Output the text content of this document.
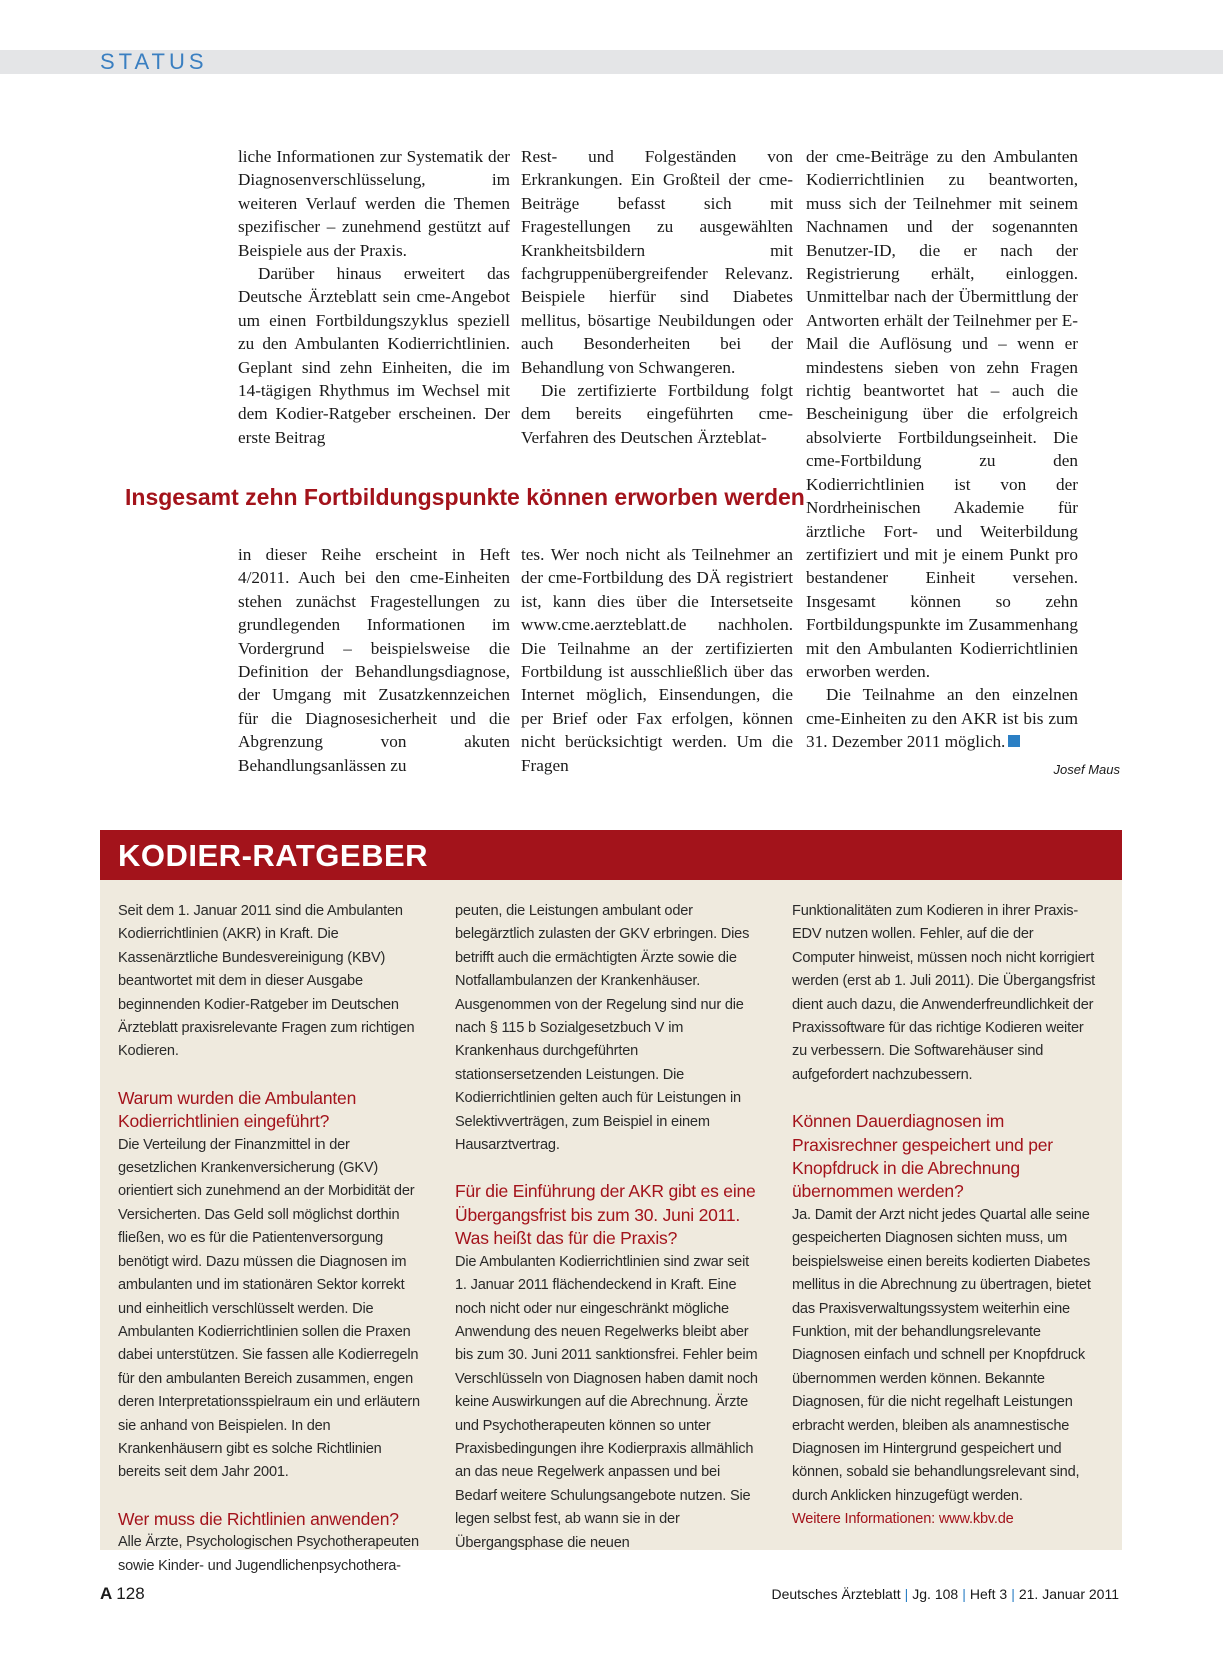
STATUS

liche Informationen zur Systematik der Diagnosenverschlüsselung, im weiteren Verlauf werden die Themen spezifischer – zunehmend gestützt auf Beispiele aus der Praxis.

Darüber hinaus erweitert das Deutsche Ärzteblatt sein cme-Angebot um einen Fortbildungszyklus speziell zu den Ambulanten Kodierrichtlinien. Geplant sind zehn Einheiten, die im 14-tägigen Rhythmus im Wechsel mit dem Kodier-Ratgeber erscheinen. Der erste Beitrag

Rest- und Folgeständen von Erkrankungen. Ein Großteil der cme-Beiträge befasst sich mit Fragestellungen zu ausgewählten Krankheitsbildern mit fachgruppenübergreifender Relevanz. Beispiele hierfür sind Diabetes mellitus, bösartige Neubildungen oder auch Besonderheiten bei der Behandlung von Schwangeren.

Die zertifizierte Fortbildung folgt dem bereits eingeführten cme-Verfahren des Deutschen Ärzteblat-

Insgesamt zehn Fortbildungspunkte können erworben werden

in dieser Reihe erscheint in Heft 4/2011. Auch bei den cme-Einheiten stehen zunächst Fragestellungen zu grundlegenden Informationen im Vordergrund – beispielsweise die Definition der Behandlungsdiagnose, der Umgang mit Zusatzkennzeichen für die Diagnosesicherheit und die Abgrenzung von akuten Behandlungsanlässen zu

tes. Wer noch nicht als Teilnehmer an der cme-Fortbildung des DÄ registriert ist, kann dies über die Intersetseite www.cme.aerzteblatt.de nachholen. Die Teilnahme an der zertifizierten Fortbildung ist ausschließlich über das Internet möglich, Einsendungen, die per Brief oder Fax erfolgen, können nicht berücksichtigt werden. Um die Fragen

der cme-Beiträge zu den Ambulanten Kodierrichtlinien zu beantworten, muss sich der Teilnehmer mit seinem Nachnamen und der sogenannten Benutzer-ID, die er nach der Registrierung erhält, einloggen. Unmittelbar nach der Übermittlung der Antworten erhält der Teilnehmer per E-Mail die Auflösung und – wenn er mindestens sieben von zehn Fragen richtig beantwortet hat – auch die Bescheinigung über die erfolgreich absolvierte Fortbildungseinheit. Die cme-Fortbildung zu den Kodierrichtlinien ist von der Nordrheinischen Akademie für ärztliche Fort- und Weiterbildung zertifiziert und mit je einem Punkt pro bestandener Einheit versehen. Insgesamt können so zehn Fortbildungspunkte im Zusammenhang mit den Ambulanten Kodierrichtlinien erworben werden.

Die Teilnahme an den einzelnen cme-Einheiten zu den AKR ist bis zum 31. Dezember 2011 möglich.

Josef Maus
KODIER-RATGEBER

Seit dem 1. Januar 2011 sind die Ambulanten Kodierrichtlinien (AKR) in Kraft. Die Kassenärztliche Bundesvereinigung (KBV) beantwortet mit dem in dieser Ausgabe beginnenden Kodier-Ratgeber im Deutschen Ärzteblatt praxisrelevante Fragen zum richtigen Kodieren.

Warum wurden die Ambulanten Kodierrichtlinien eingeführt?

Die Verteilung der Finanzmittel in der gesetzlichen Krankenversicherung (GKV) orientiert sich zunehmend an der Morbidität der Versicherten. Das Geld soll möglichst dorthin fließen, wo es für die Patientenversorgung benötigt wird. Dazu müssen die Diagnosen im ambulanten und im stationären Sektor korrekt und einheitlich verschlüsselt werden. Die Ambulanten Kodierrichtlinien sollen die Praxen dabei unterstützen. Sie fassen alle Kodierregeln für den ambulanten Bereich zusammen, engen deren Interpretationsspielraum ein und erläutern sie anhand von Beispielen. In den Krankenhäusern gibt es solche Richtlinien bereits seit dem Jahr 2001.

Wer muss die Richtlinien anwenden?

Alle Ärzte, Psychologischen Psychotherapeuten sowie Kinder- und Jugendlichenpsychothera-

peuten, die Leistungen ambulant oder belegärztlich zulasten der GKV erbringen. Dies betrifft auch die ermächtigten Ärzte sowie die Notfallambulanzen der Krankenhäuser. Ausgenommen von der Regelung sind nur die nach § 115 b Sozialgesetzbuch V im Krankenhaus durchgeführten stationsersetzenden Leistungen. Die Kodierrichtlinien gelten auch für Leistungen in Selektivverträgen, zum Beispiel in einem Hausarztvertrag.

Für die Einführung der AKR gibt es eine Übergangsfrist bis zum 30. Juni 2011. Was heißt das für die Praxis?

Die Ambulanten Kodierrichtlinien sind zwar seit 1. Januar 2011 flächendeckend in Kraft. Eine noch nicht oder nur eingeschränkt mögliche Anwendung des neuen Regelwerks bleibt aber bis zum 30. Juni 2011 sanktionsfrei. Fehler beim Verschlüsseln von Diagnosen haben damit noch keine Auswirkungen auf die Abrechnung. Ärzte und Psychotherapeuten können so unter Praxisbedingungen ihre Kodierpraxis allmählich an das neue Regelwerk anpassen und bei Bedarf weitere Schulungsangebote nutzen. Sie legen selbst fest, ab wann sie in der Übergangsphase die neuen

Funktionalitäten zum Kodieren in ihrer Praxis-EDV nutzen wollen. Fehler, auf die der Computer hinweist, müssen noch nicht korrigiert werden (erst ab 1. Juli 2011). Die Übergangsfrist dient auch dazu, die Anwenderfreundlichkeit der Praxissoftware für das richtige Kodieren weiter zu verbessern. Die Softwarehäuser sind aufgefordert nachzubessern.

Können Dauerdiagnosen im Praxisrechner gespeichert und per Knopfdruck in die Abrechnung übernommen werden?

Ja. Damit der Arzt nicht jedes Quartal alle seine gespeicherten Diagnosen sichten muss, um beispielsweise einen bereits kodierten Diabetes mellitus in die Abrechnung zu übertragen, bietet das Praxisverwaltungssystem weiterhin eine Funktion, mit der behandlungsrelevante Diagnosen einfach und schnell per Knopfdruck übernommen werden können. Bekannte Diagnosen, für die nicht regelhaft Leistungen erbracht werden, bleiben als anamnestische Diagnosen im Hintergrund gespeichert und können, sobald sie behandlungsrelevant sind, durch Anklicken hinzugefügt werden.

Weitere Informationen: www.kbv.de

A 128	Deutsches Ärzteblatt | Jg. 108 | Heft 3 | 21. Januar 2011
